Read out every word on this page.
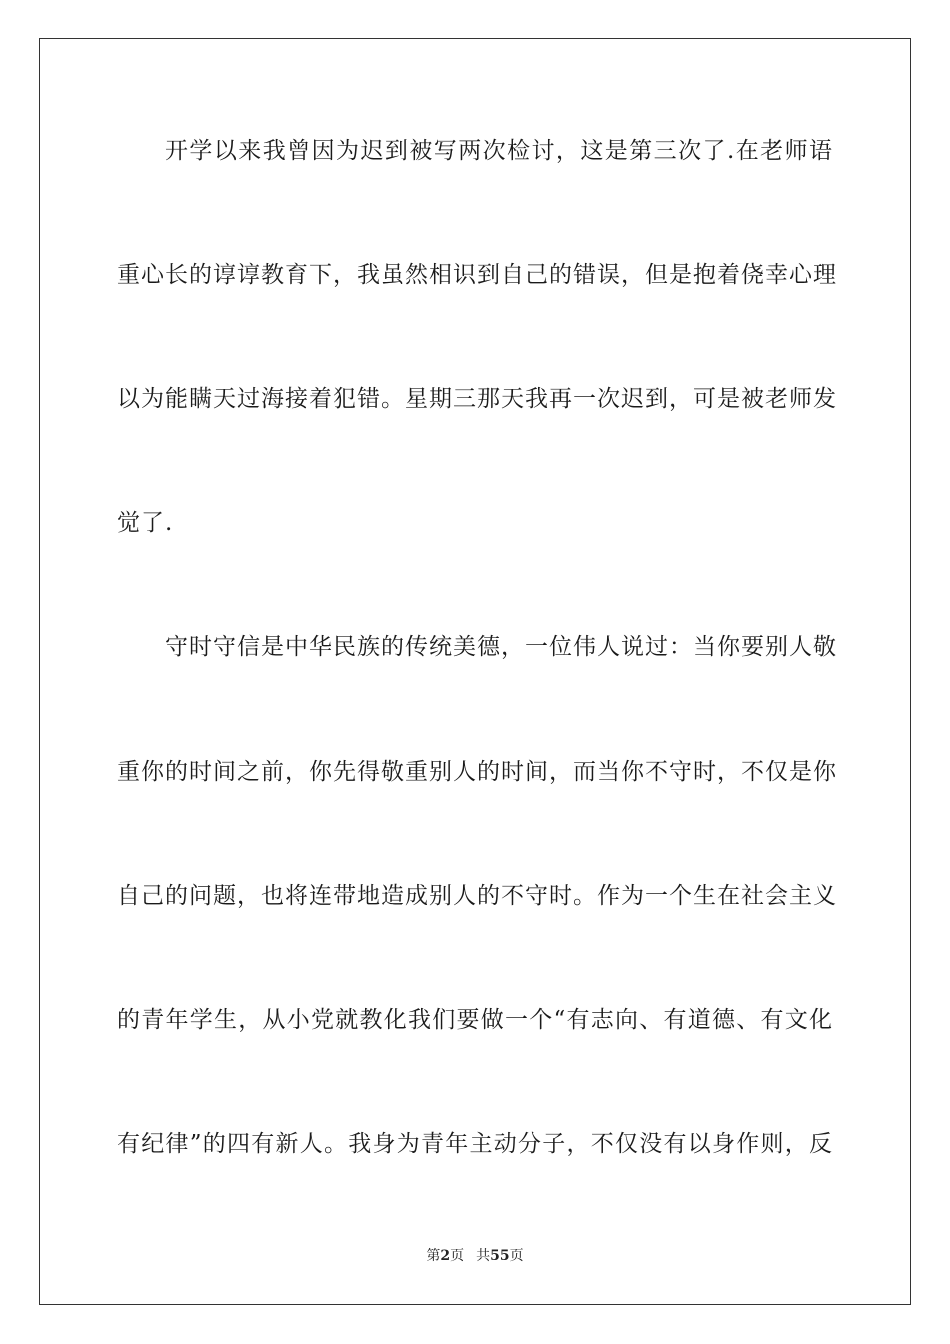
开学以来我曾因为迟到被写两次检讨，这是第三次了.在老师语
重心长的谆谆教育下，我虽然相识到自己的错误，但是抱着侥幸心理
以为能瞒天过海接着犯错。星期三那天我再一次迟到，可是被老师发
觉了.
守时守信是中华民族的传统美德，一位伟人说过：当你要别人敬
重你的时间之前，你先得敬重别人的时间，而当你不守时，不仅是你
自己的问题，也将连带地造成别人的不守时。作为一个生在社会主义
的青年学生，从小党就教化我们要做一个“有志向、有道德、有文化
有纪律”的四有新人。我身为青年主动分子，不仅没有以身作则，反
第2页 共55页
